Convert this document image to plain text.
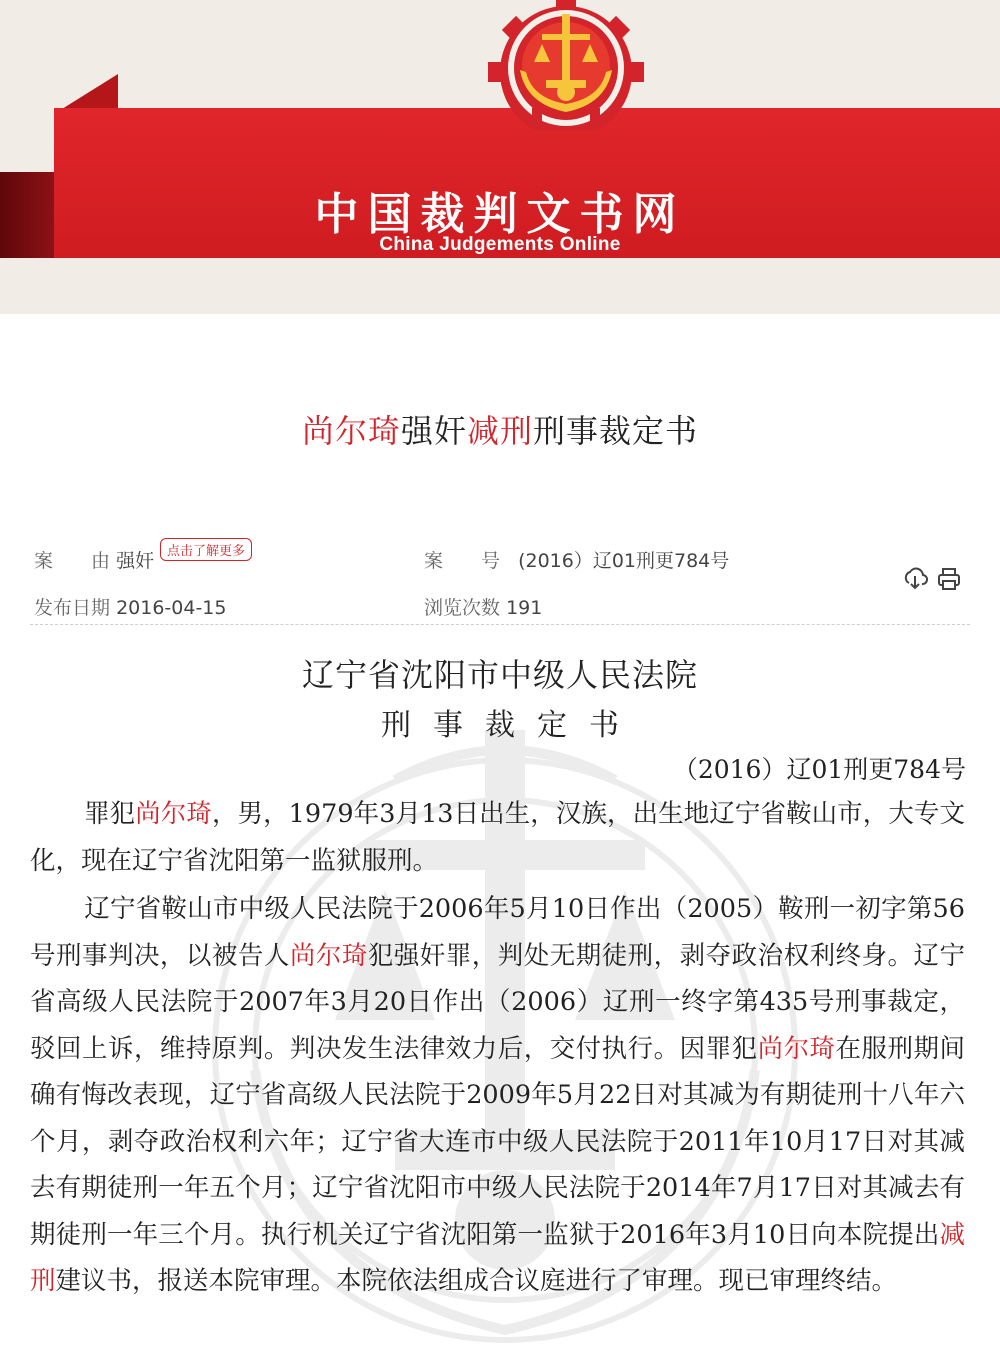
中国裁判文书网
China Judgements Online
尚尔琦强奸减刑刑事裁定书
案　　由 强奸 点击了解更多	案　　号 (2016）辽01刑更784号
发布日期 2016-04-15	浏览次数 191
辽宁省沈阳市中级人民法院
刑事裁定书
（2016）辽01刑更784号
罪犯尚尔琦，男，1979年3月13日出生，汉族，出生地辽宁省鞍山市，大专文化，现在辽宁省沈阳第一监狱服刑。
辽宁省鞍山市中级人民法院于2006年5月10日作出（2005）鞍刑一初字第56号刑事判决，以被告人尚尔琦犯强奸罪，判处无期徒刑，剥夺政治权利终身。辽宁省高级人民法院于2007年3月20日作出（2006）辽刑一终字第435号刑事裁定，驳回上诉，维持原判。判决发生法律效力后，交付执行。因罪犯尚尔琦在服刑期间确有悔改表现，辽宁省高级人民法院于2009年5月22日对其减为有期徒刑十八年六个月，剥夺政治权利六年；辽宁省大连市中级人民法院于2011年10月17日对其减去有期徒刑一年五个月；辽宁省沈阳市中级人民法院于2014年7月17日对其减去有期徒刑一年三个月。执行机关辽宁省沈阳第一监狱于2016年3月10日向本院提出减刑建议书，报送本院审理。本院依法组成合议庭进行了审理。现已审理终结。
